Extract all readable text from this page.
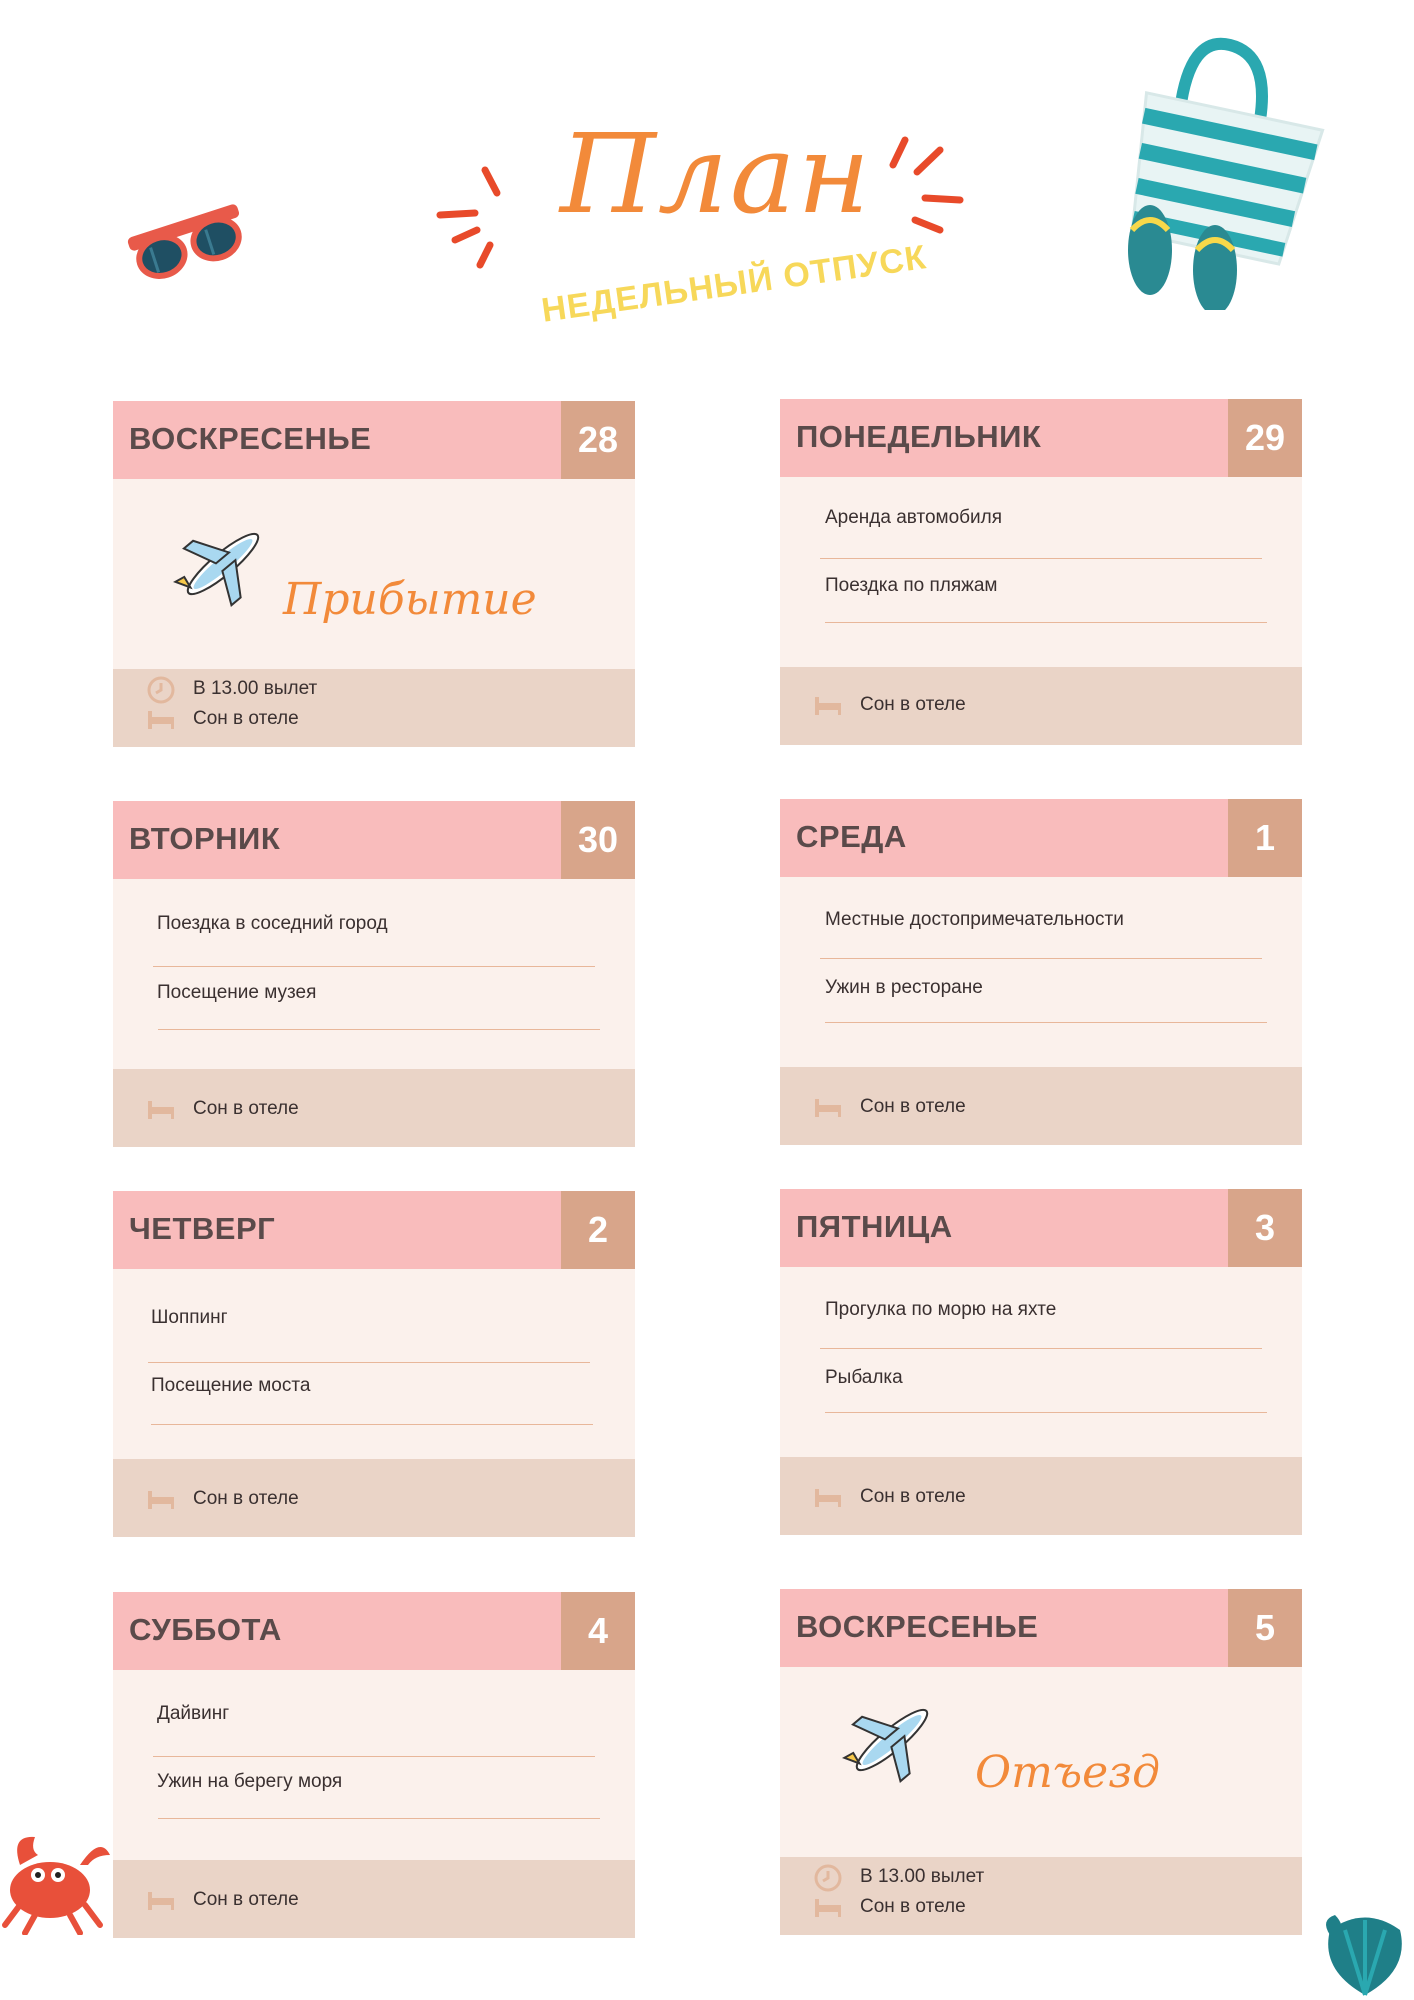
План
НЕДЕЛЬНЫЙ ОТПУСК
ВОСКРЕСЕНЬЕ	28
Прибытие
В 13.00 вылет
Сон в отеле
ПОНЕДЕЛЬНИК	29
Аренда автомобиля
Поездка по пляжам
Сон в отеле
ВТОРНИК	30
Поездка в соседний город
Посещение музея
Сон в отеле
СРЕДА	1
Местные достопримечательности
Ужин в ресторане
Сон в отеле
ЧЕТВЕРГ	2
Шоппинг
Посещение моста
Сон в отеле
ПЯТНИЦА	3
Прогулка по морю на яхте
Рыбалка
Сон в отеле
СУББОТА	4
Дайвинг
Ужин на берегу моря
Сон в отеле
ВОСКРЕСЕНЬЕ	5
Отъезд
В 13.00 вылет
Сон в отеле
